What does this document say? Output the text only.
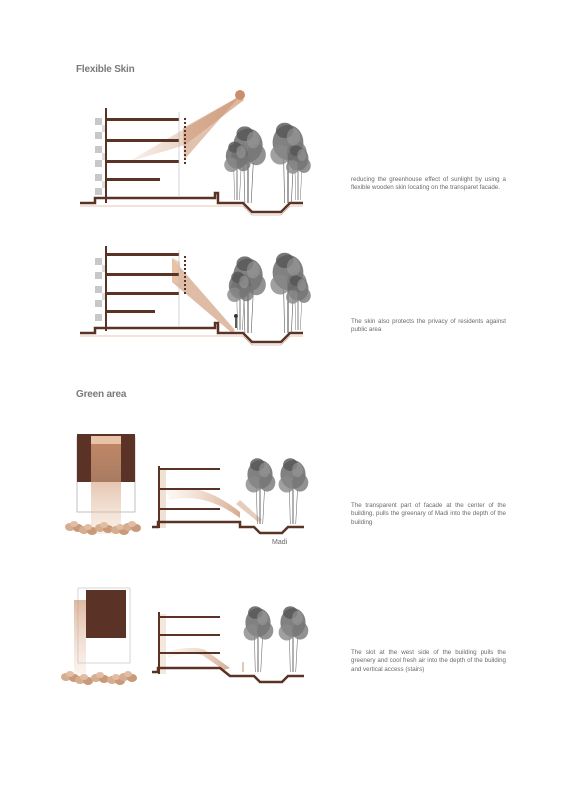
Flexible Skin
Green area
reducing the greenhouse effect of sunlight by using a flexible wooden skin locating on the transparet facade.
The skin also protects the privacy of residents against public area
The transparent part of facade at the center of the building, pulls the greenary of Madi into the depth of the building
The slot at the west side of the building pulls the greenery and cool fresh air into the depth of the building and vertical access (stairs)
Madi
